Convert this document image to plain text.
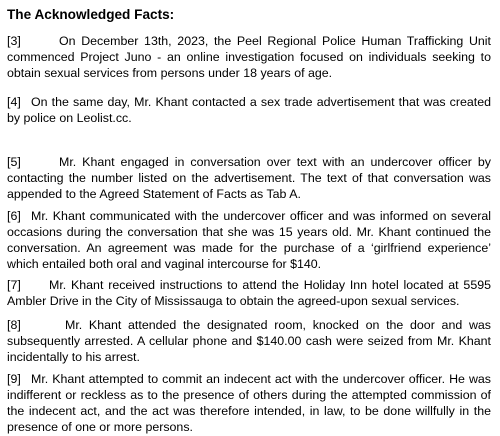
The Acknowledged Facts:

[3]	On December 13th, 2023, the Peel Regional Police Human Trafficking Unit commenced Project Juno - an online investigation focused on individuals seeking to obtain sexual services from persons under 18 years of age.

[4] On the same day, Mr. Khant contacted a sex trade advertisement that was created by police on Leolist.cc.

[5]	Mr. Khant engaged in conversation over text with an undercover officer by contacting the number listed on the advertisement. The text of that conversation was appended to the Agreed Statement of Facts as Tab A.

[6] Mr. Khant communicated with the undercover officer and was informed on several occasions during the conversation that she was 15 years old. Mr. Khant continued the conversation. An agreement was made for the purchase of a ‘girlfriend experience’ which entailed both oral and vaginal intercourse for $140.

[7] Mr. Khant received instructions to attend the Holiday Inn hotel located at 5595 Ambler Drive in the City of Mississauga to obtain the agreed-upon sexual services.

[8]	Mr. Khant attended the designated room, knocked on the door and was subsequently arrested. A cellular phone and $140.00 cash were seized from Mr. Khant incidentally to his arrest.

[9] Mr. Khant attempted to commit an indecent act with the undercover officer. He was indifferent or reckless as to the presence of others during the attempted commission of the indecent act, and the act was therefore intended, in law, to be done willfully in the presence of one or more persons.
